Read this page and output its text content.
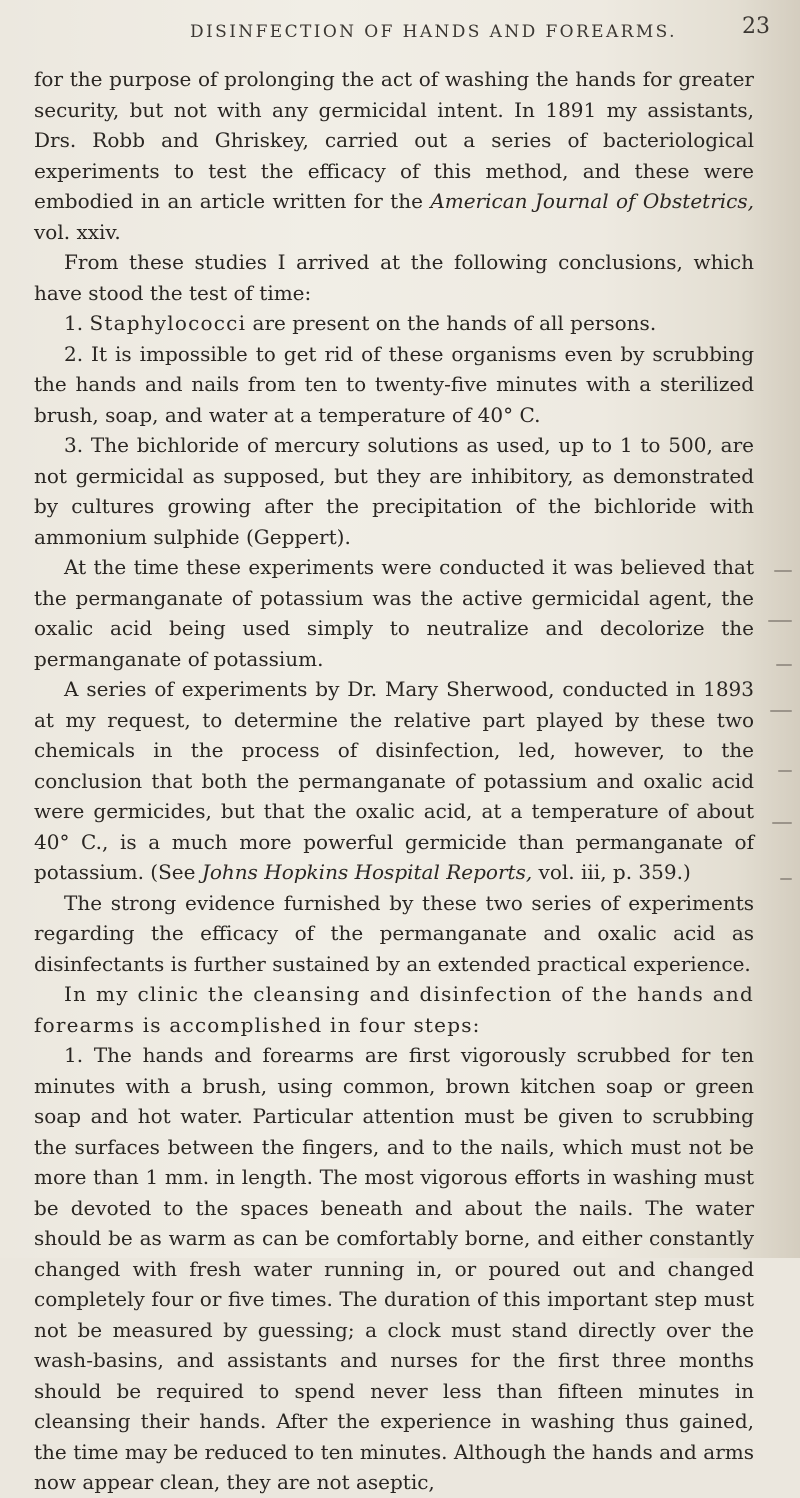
DISINFECTION OF HANDS AND FOREARMS.	23

for the purpose of prolonging the act of washing the hands for greater security, but not with any germicidal intent. In 1891 my assistants, Drs. Robb and Ghriskey, carried out a series of bacteriological experiments to test the efficacy of this method, and these were embodied in an article written for the American Journal of Obstetrics, vol. xxiv.

From these studies I arrived at the following conclusions, which have stood the test of time:

1. Staphylococci are present on the hands of all persons.

2. It is impossible to get rid of these organisms even by scrubbing the hands and nails from ten to twenty-five minutes with a sterilized brush, soap, and water at a temperature of 40° C.

3. The bichloride of mercury solutions as used, up to 1 to 500, are not germicidal as supposed, but they are inhibitory, as demonstrated by cultures growing after the precipitation of the bichloride with ammonium sulphide (Geppert).

At the time these experiments were conducted it was believed that the permanganate of potassium was the active germicidal agent, the oxalic acid being used simply to neutralize and decolorize the permanganate of potassium.

A series of experiments by Dr. Mary Sherwood, conducted in 1893 at my request, to determine the relative part played by these two chemicals in the process of disinfection, led, however, to the conclusion that both the permanganate of potassium and oxalic acid were germicides, but that the oxalic acid, at a temperature of about 40° C., is a much more powerful germicide than permanganate of potassium. (See Johns Hopkins Hospital Reports, vol. iii, p. 359.)

The strong evidence furnished by these two series of experiments regarding the efficacy of the permanganate and oxalic acid as disinfectants is further sustained by an extended practical experience.

In my clinic the cleansing and disinfection of the hands and forearms is accomplished in four steps:

1. The hands and forearms are first vigorously scrubbed for ten minutes with a brush, using common, brown kitchen soap or green soap and hot water. Particular attention must be given to scrubbing the surfaces between the fingers, and to the nails, which must not be more than 1 mm. in length. The most vigorous efforts in washing must be devoted to the spaces beneath and about the nails. The water should be as warm as can be comfortably borne, and either constantly changed with fresh water running in, or poured out and changed completely four or five times. The duration of this important step must not be measured by guessing; a clock must stand directly over the wash-basins, and assistants and nurses for the first three months should be required to spend never less than fifteen minutes in cleansing their hands. After the experience in washing thus gained, the time may be reduced to ten minutes. Although the hands and arms now appear clean, they are not aseptic,
